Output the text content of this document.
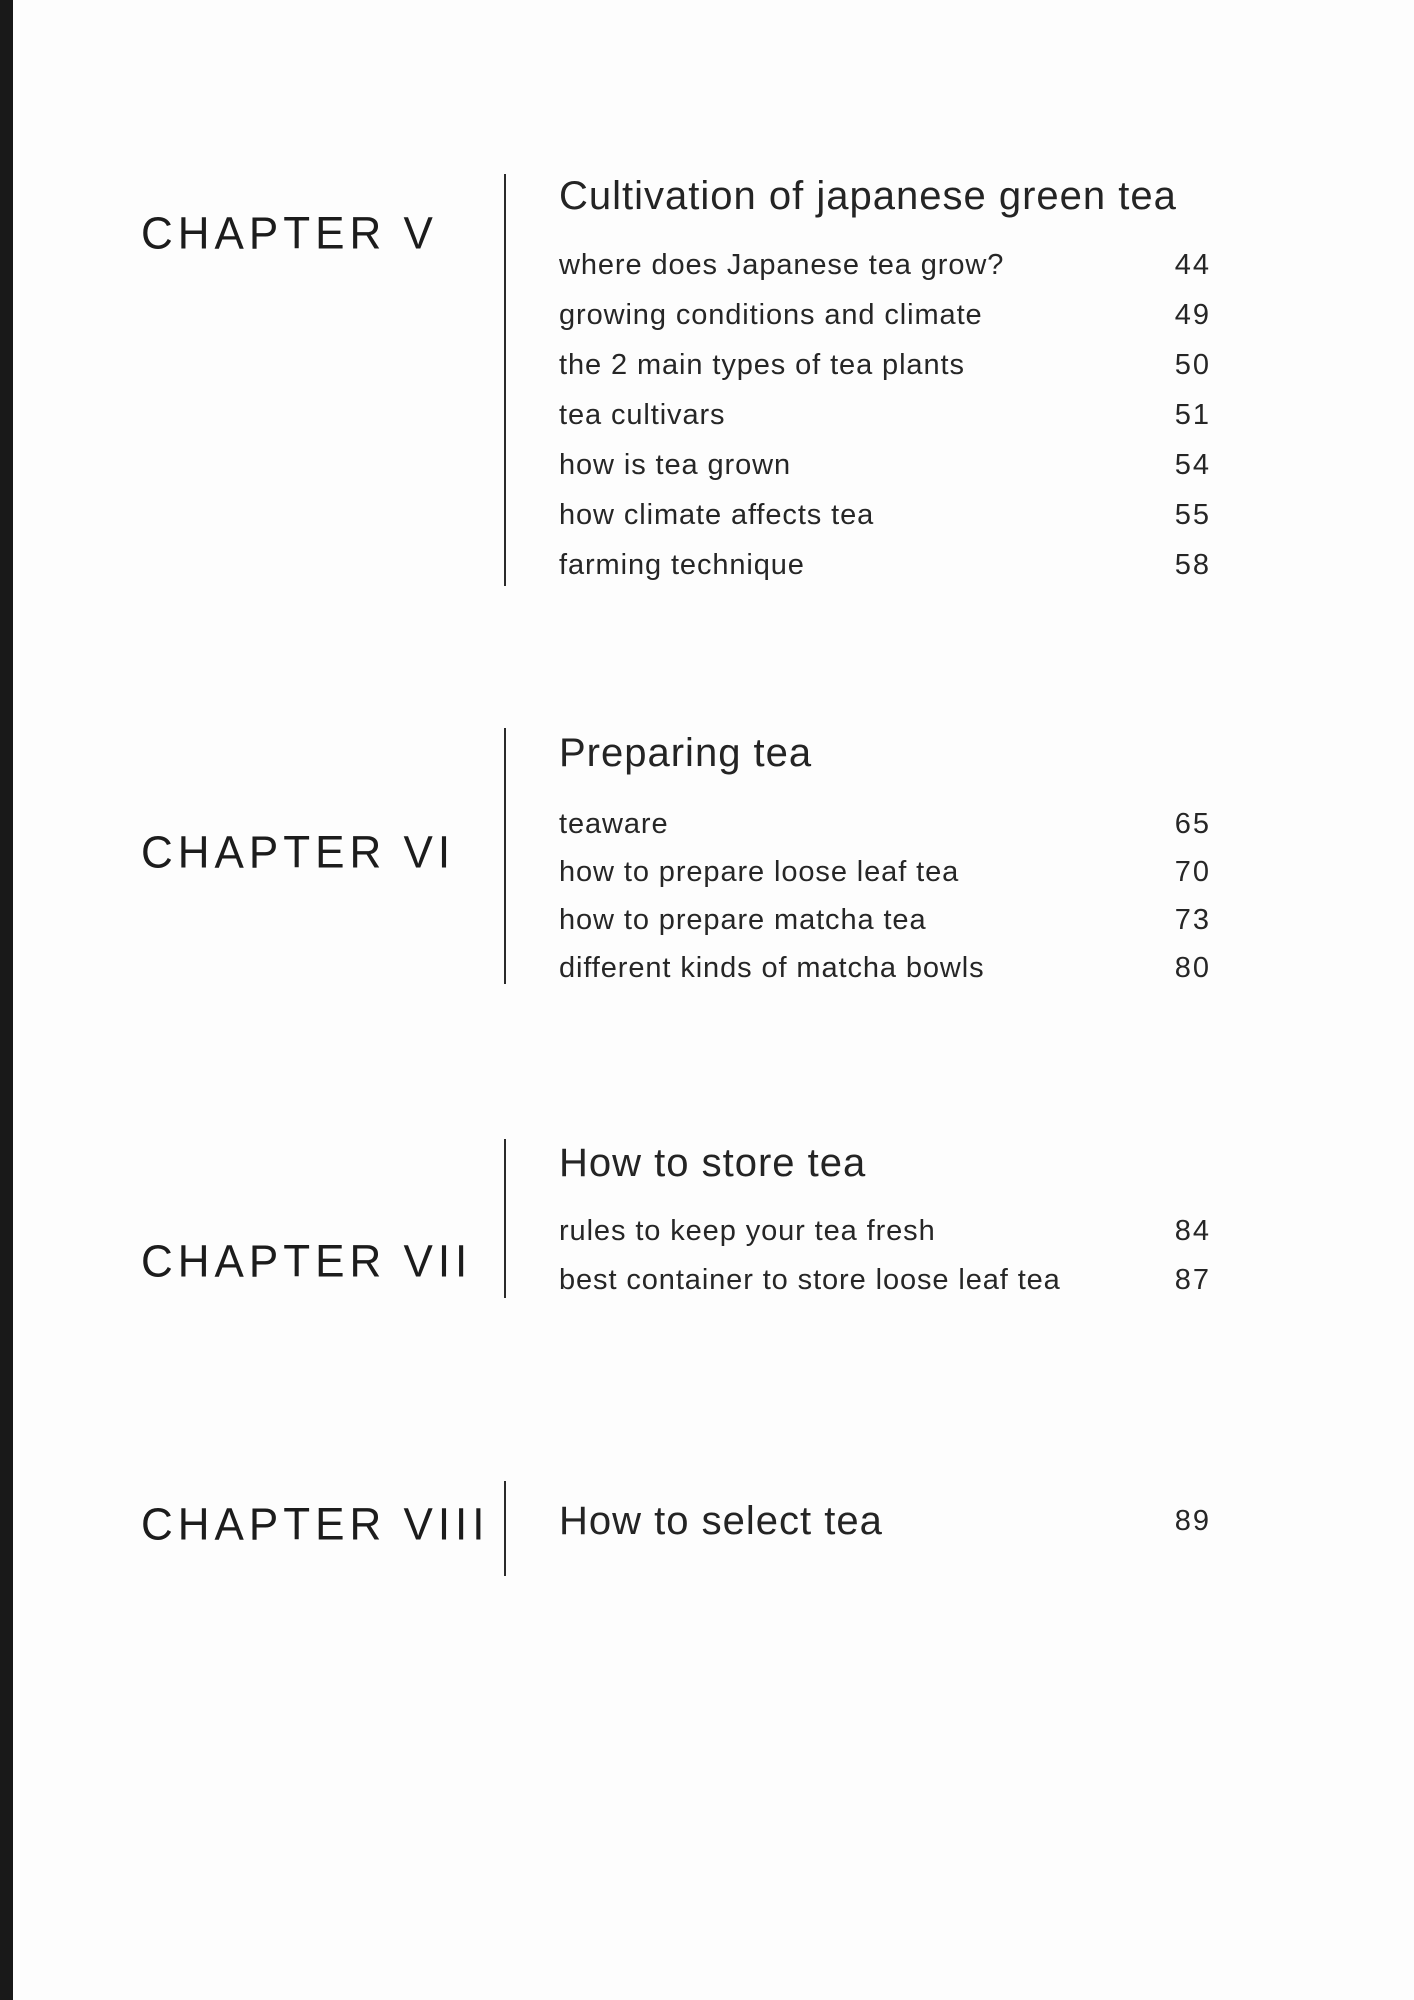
CHAPTER V
Cultivation of japanese green tea
where does Japanese tea grow?	44
growing conditions and climate	49
the 2 main types of tea plants	50
tea cultivars	51
how is tea grown	54
how climate affects tea	55
farming technique	58
CHAPTER VI
Preparing tea
teaware	65
how to prepare loose leaf tea	70
how to prepare matcha tea	73
different kinds of matcha bowls	80
CHAPTER VII
How to store tea
rules to keep your tea fresh	84
best container to store loose leaf tea	87
CHAPTER VIII How to select tea	89
